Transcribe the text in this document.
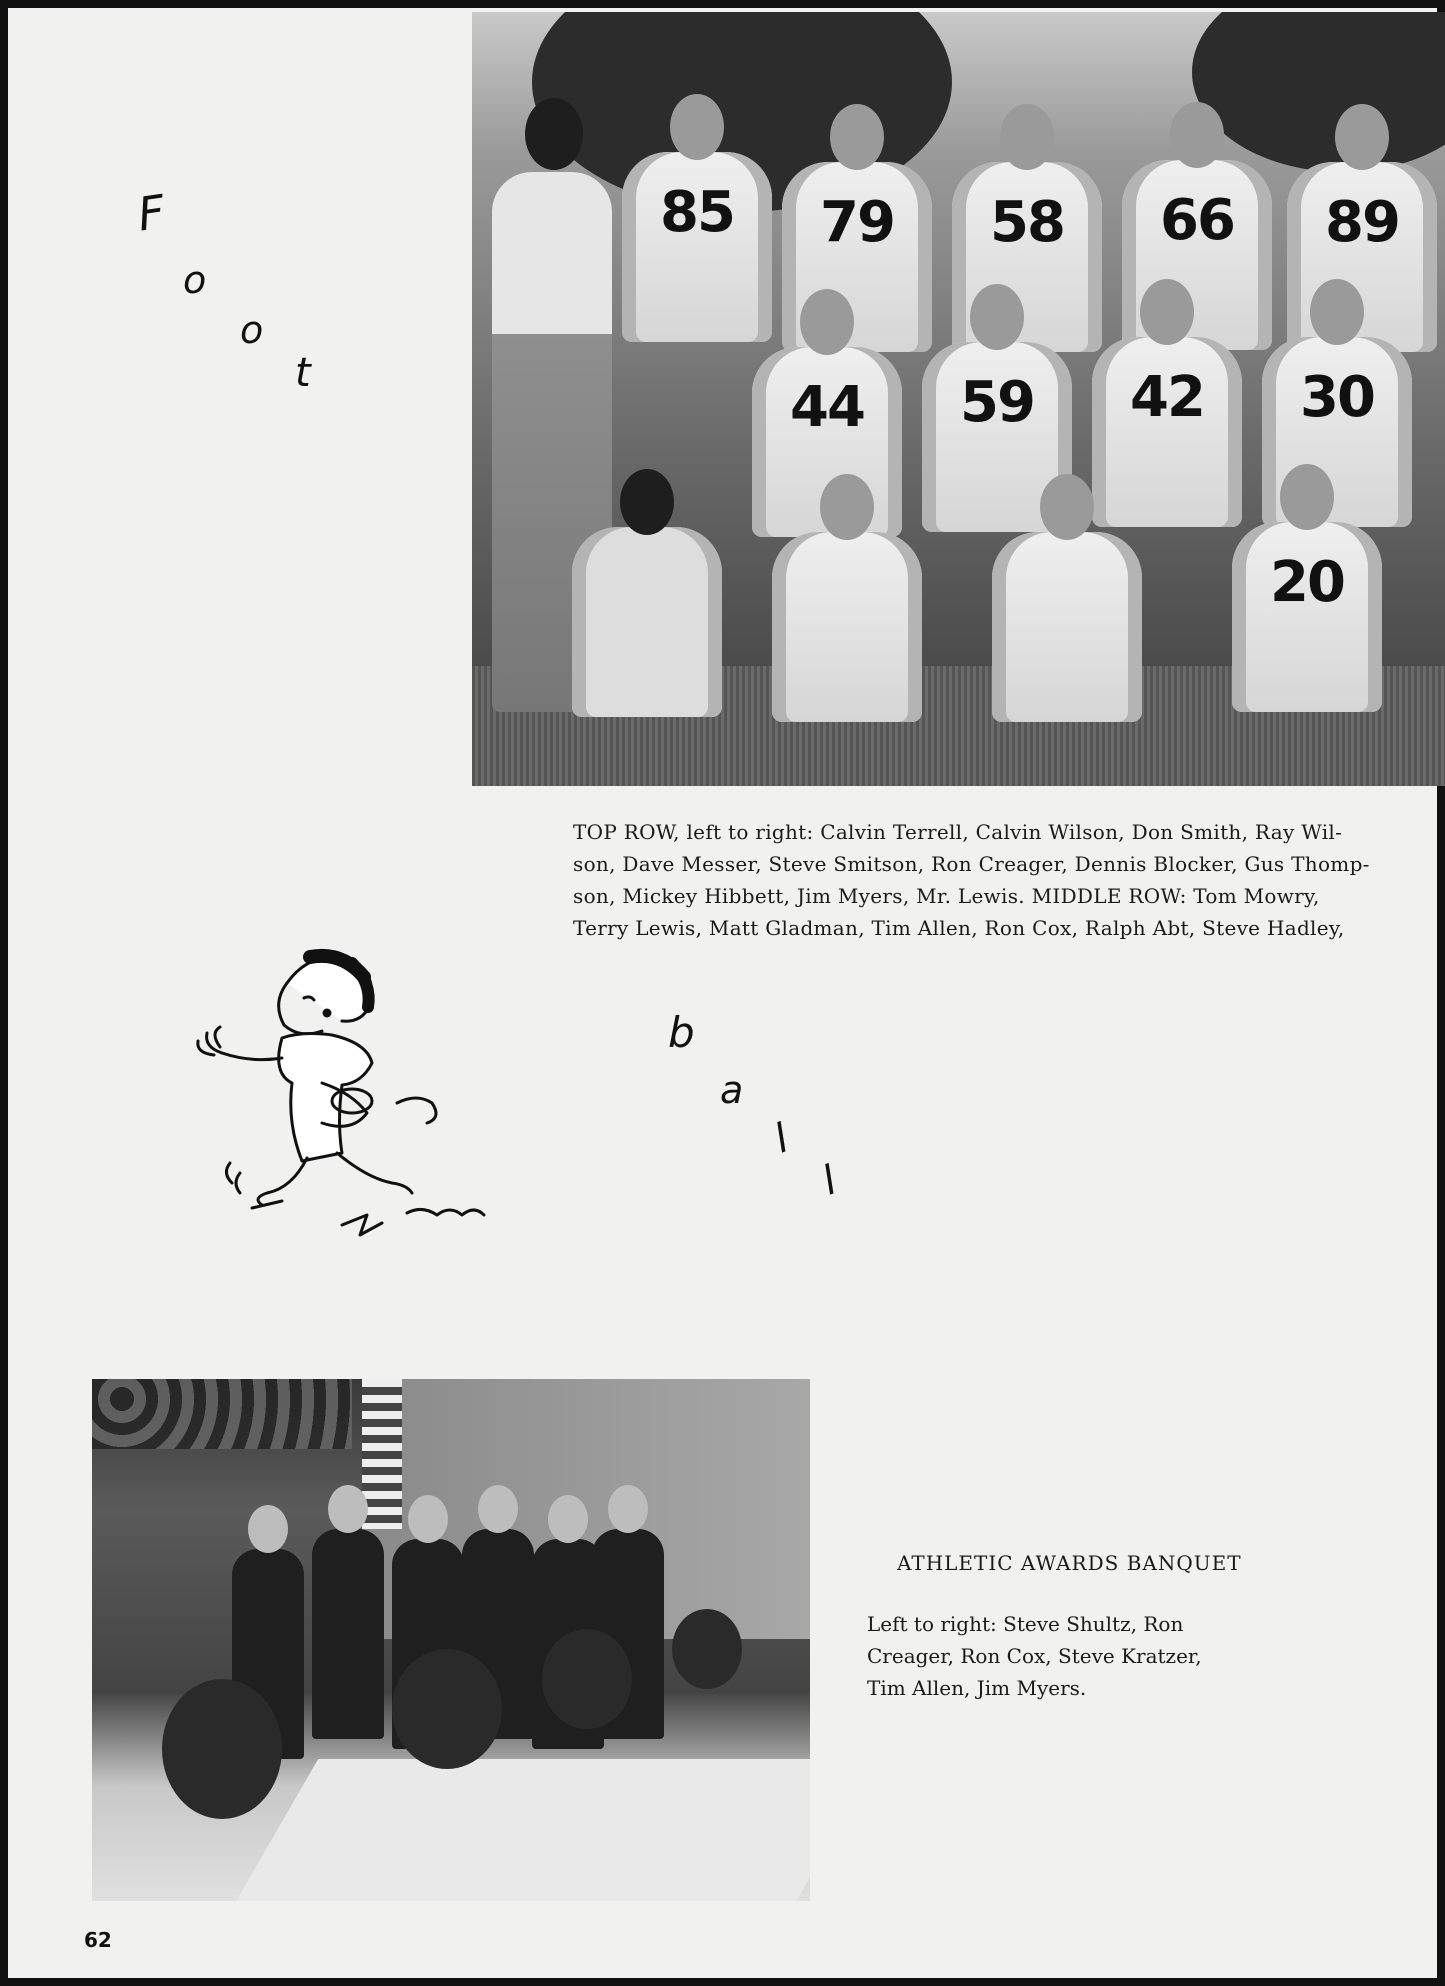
85	79	58	66	89
44	59	42	30
20
F
o
o
t
b
a
l
l
TOP ROW, left to right: Calvin Terrell, Calvin Wilson, Don Smith, Ray Wil-
son, Dave Messer, Steve Smitson, Ron Creager, Dennis Blocker, Gus Thomp-
son, Mickey Hibbett, Jim Myers, Mr. Lewis. MIDDLE ROW: Tom Mowry,
Terry Lewis, Matt Gladman, Tim Allen, Ron Cox, Ralph Abt, Steve Hadley,
ATHLETIC AWARDS BANQUET
Left to right: Steve Shultz, Ron
Creager, Ron Cox, Steve Kratzer,
Tim Allen, Jim Myers.
62
